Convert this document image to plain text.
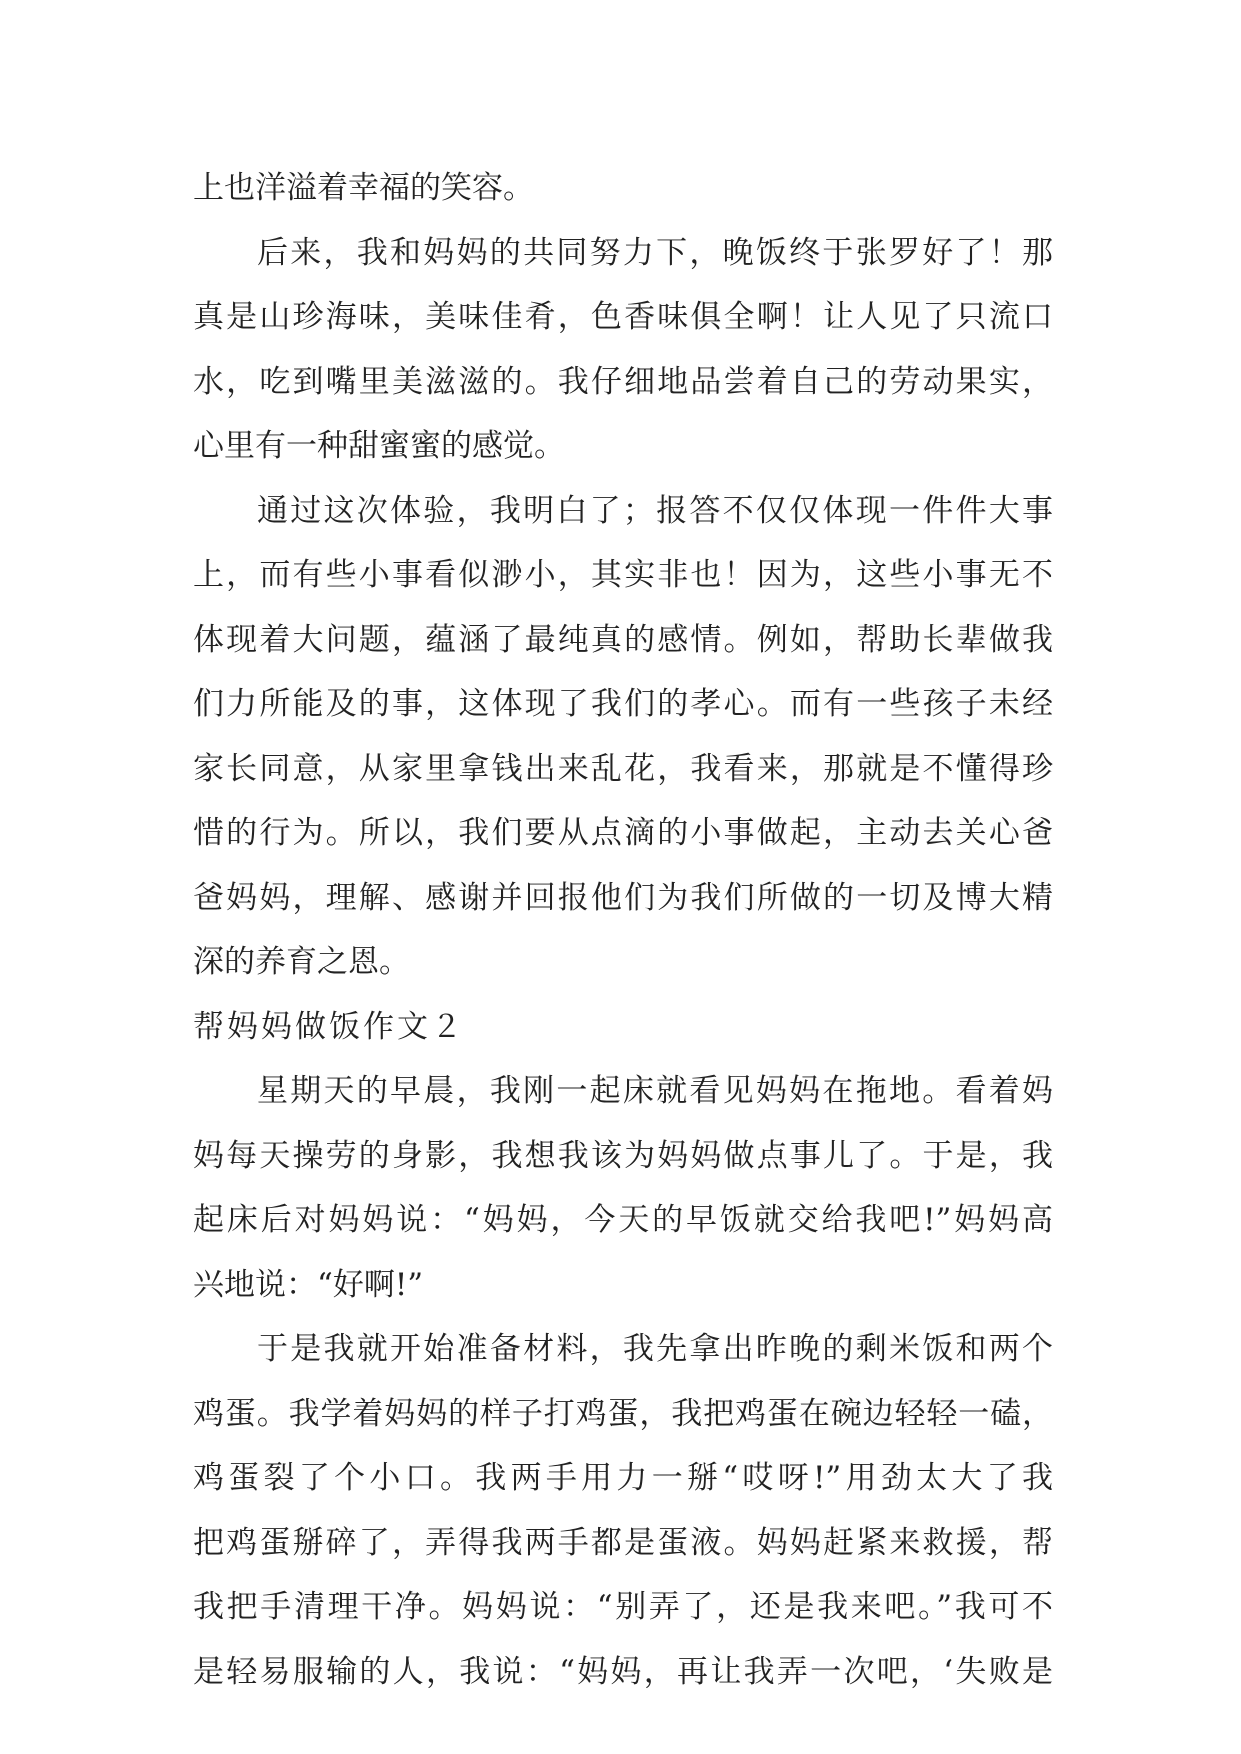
上也洋溢着幸福的笑容。
后来，我和妈妈的共同努力下，晚饭终于张罗好了！那
真是山珍海味，美味佳肴，色香味俱全啊！让人见了只流口
水，吃到嘴里美滋滋的。我仔细地品尝着自己的劳动果实，
心里有一种甜蜜蜜的感觉。
通过这次体验，我明白了；报答不仅仅体现一件件大事
上，而有些小事看似渺小，其实非也！因为，这些小事无不
体现着大问题，蕴涵了最纯真的感情。例如，帮助长辈做我
们力所能及的事，这体现了我们的孝心。而有一些孩子未经
家长同意，从家里拿钱出来乱花，我看来，那就是不懂得珍
惜的行为。所以，我们要从点滴的小事做起，主动去关心爸
爸妈妈，理解、感谢并回报他们为我们所做的一切及博大精
深的养育之恩。
帮妈妈做饭作文２
星期天的早晨，我刚一起床就看见妈妈在拖地。看着妈
妈每天操劳的身影，我想我该为妈妈做点事儿了。于是，我
起床后对妈妈说：“妈妈，今天的早饭就交给我吧!”妈妈高
兴地说：“好啊!”
于是我就开始准备材料，我先拿出昨晚的剩米饭和两个
鸡蛋。我学着妈妈的样子打鸡蛋，我把鸡蛋在碗边轻轻一磕，
鸡蛋裂了个小口。我两手用力一掰“哎呀!”用劲太大了我
把鸡蛋掰碎了，弄得我两手都是蛋液。妈妈赶紧来救援，帮
我把手清理干净。妈妈说：“别弄了，还是我来吧。”我可不
是轻易服输的人，我说：“妈妈，再让我弄一次吧，‘失败是
